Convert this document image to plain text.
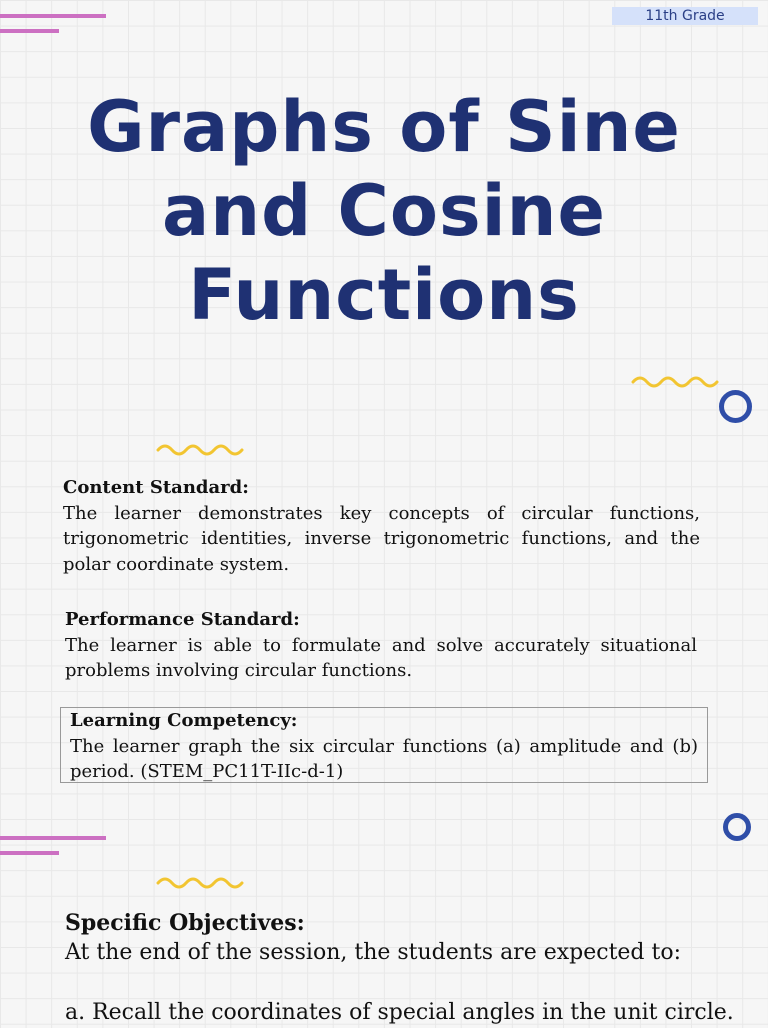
11th Grade
Graphs of Sine
and Cosine
Functions
Content Standard:
The learner demonstrates key concepts of circular functions, trigonometric identities, inverse trigonometric functions, and the polar coordinate system.
Performance Standard:
The learner is able to formulate and solve accurately situational problems involving circular functions.
Learning Competency:
The learner graph the six circular functions (a) amplitude and (b) period. (STEM_PC11T-IIc-d-1)
Specific Objectives:
At the end of the session, the students are expected to:
a. Recall the coordinates of special angles in the unit circle.
